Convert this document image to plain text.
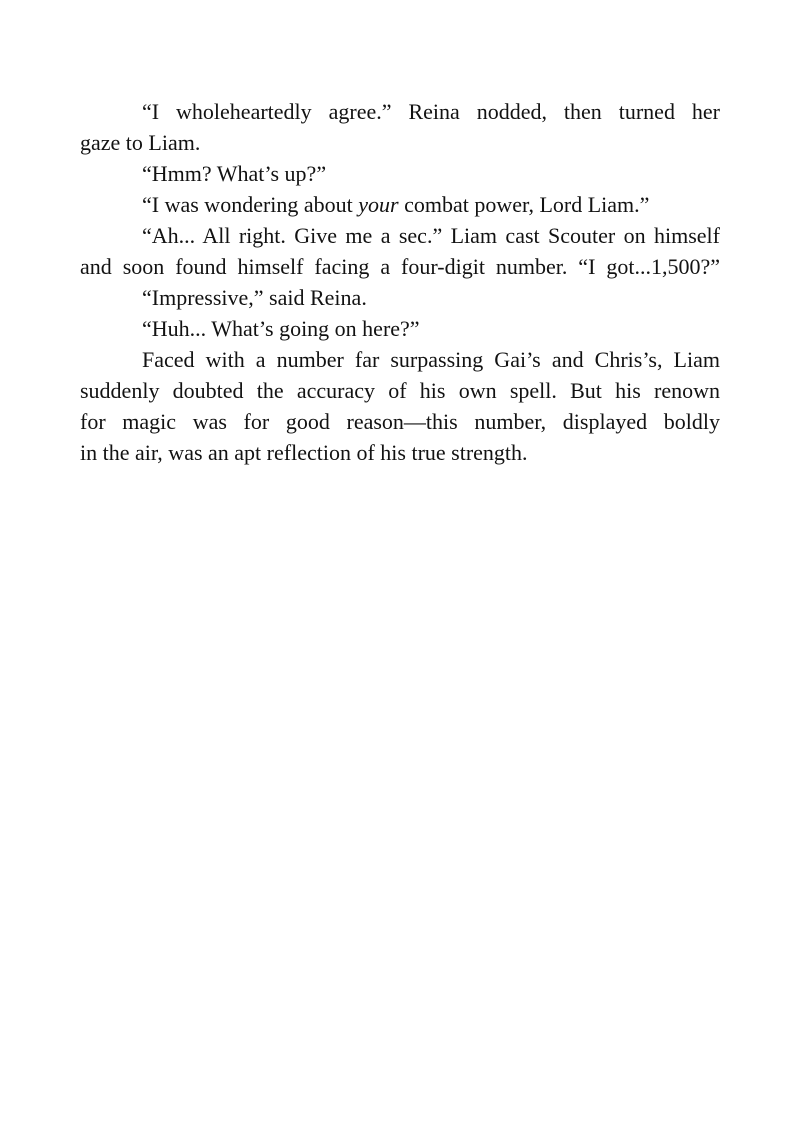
“I wholeheartedly agree.” Reina nodded, then turned her
gaze to Liam.
“Hmm? What’s up?”
“I was wondering about your combat power, Lord Liam.”
“Ah... All right. Give me a sec.” Liam cast Scouter on himself
and soon found himself facing a four-digit number. “I got...1,500?”
“Impressive,” said Reina.
“Huh... What’s going on here?”
Faced with a number far surpassing Gai’s and Chris’s, Liam
suddenly doubted the accuracy of his own spell. But his renown
for magic was for good reason—this number, displayed boldly
in the air, was an apt reflection of his true strength.
